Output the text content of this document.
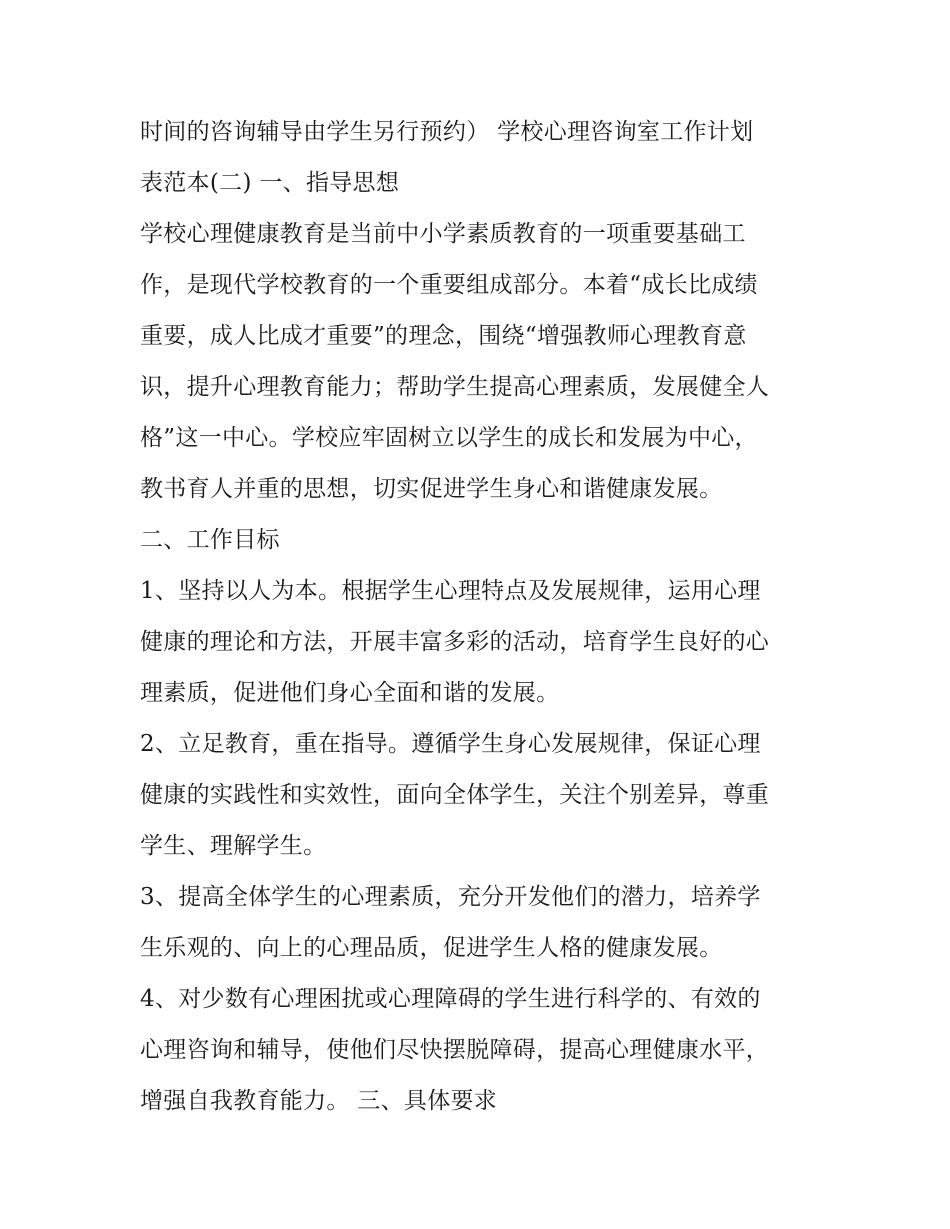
时间的咨询辅导由学生另行预约） 学校心理咨询室工作计划
表范本(二) 一、指导思想
学校心理健康教育是当前中小学素质教育的一项重要基础工
作，是现代学校教育的一个重要组成部分。本着“成长比成绩
重要，成人比成才重要”的理念，围绕“增强教师心理教育意
识，提升心理教育能力；帮助学生提高心理素质，发展健全人
格”这一中心。学校应牢固树立以学生的成长和发展为中心，
教书育人并重的思想，切实促进学生身心和谐健康发展。
二、工作目标
1、坚持以人为本。根据学生心理特点及发展规律，运用心理
健康的理论和方法，开展丰富多彩的活动，培育学生良好的心
理素质，促进他们身心全面和谐的发展。
2、立足教育，重在指导。遵循学生身心发展规律，保证心理
健康的实践性和实效性，面向全体学生，关注个别差异，尊重
学生、理解学生。
3、提高全体学生的心理素质，充分开发他们的潜力，培养学
生乐观的、向上的心理品质，促进学生人格的健康发展。
4、对少数有心理困扰或心理障碍的学生进行科学的、有效的
心理咨询和辅导，使他们尽快摆脱障碍，提高心理健康水平，
增强自我教育能力。 三、具体要求
